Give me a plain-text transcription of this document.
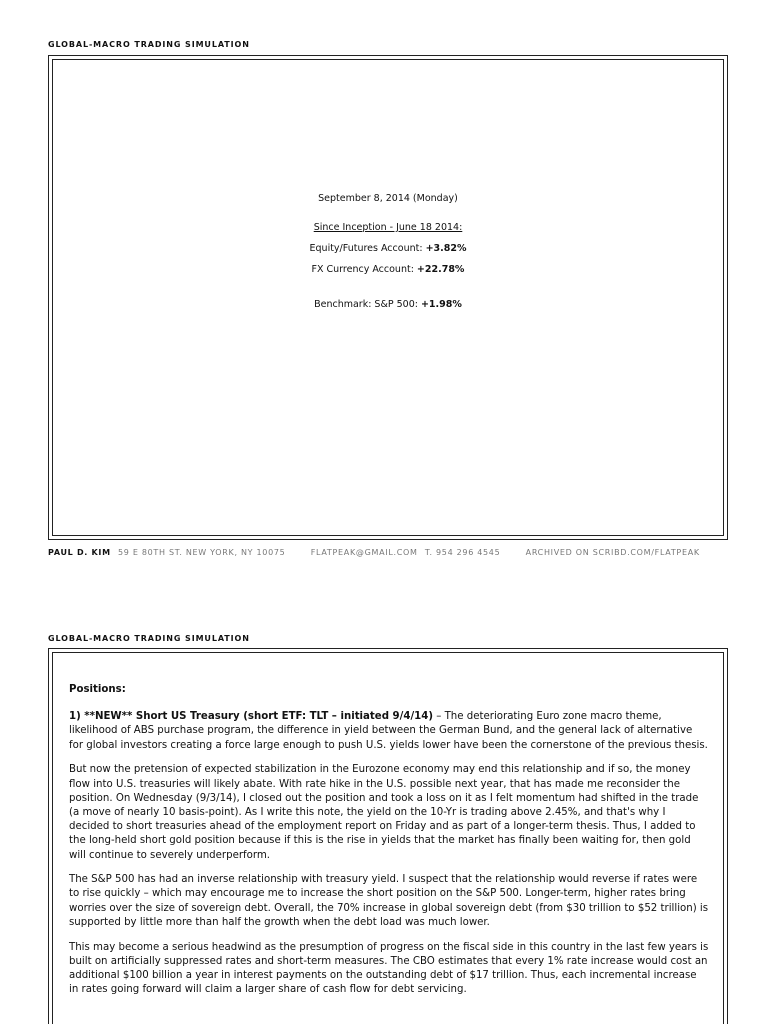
GLOBAL-MACRO TRADING SIMULATION
September 8, 2014 (Monday)
Since Inception - June 18 2014:
Equity/Futures Account: +3.82%
FX Currency Account: +22.78%
Benchmark: S&P 500: +1.98%
PAUL D. KIM 59 E 80TH ST. NEW YORK, NY 10075	FLATPEAK@GMAIL.COM T. 954 296 4545	ARCHIVED ON SCRIBD.COM/FLATPEAK
GLOBAL-MACRO TRADING SIMULATION

Positions:

1) **NEW** Short US Treasury (short ETF: TLT – initiated 9/4/14) – The deteriorating Euro zone macro theme, likelihood of ABS purchase program, the difference in yield between the German Bund, and the general lack of alternative for global investors creating a force large enough to push U.S. yields lower have been the cornerstone of the previous thesis.

But now the pretension of expected stabilization in the Eurozone economy may end this relationship and if so, the money flow into U.S. treasuries will likely abate. With rate hike in the U.S. possible next year, that has made me reconsider the position. On Wednesday (9/3/14), I closed out the position and took a loss on it as I felt momentum had shifted in the trade (a move of nearly 10 basis-point). As I write this note, the yield on the 10-Yr is trading above 2.45%, and that's why I decided to short treasuries ahead of the employment report on Friday and as part of a longer-term thesis. Thus, I added to the long-held short gold position because if this is the rise in yields that the market has finally been waiting for, then gold will continue to severely underperform.

The S&P 500 has had an inverse relationship with treasury yield. I suspect that the relationship would reverse if rates were to rise quickly – which may encourage me to increase the short position on the S&P 500. Longer-term, higher rates bring worries over the size of sovereign debt. Overall, the 70% increase in global sovereign debt (from $30 trillion to $52 trillion) is supported by little more than half the growth when the debt load was much lower.

This may become a serious headwind as the presumption of progress on the fiscal side in this country in the last few years is built on artificially suppressed rates and short-term measures. The CBO estimates that every 1% rate increase would cost an additional $100 billion a year in interest payments on the outstanding debt of $17 trillion. Thus, each incremental increase in rates going forward will claim a larger share of cash flow for debt servicing.
